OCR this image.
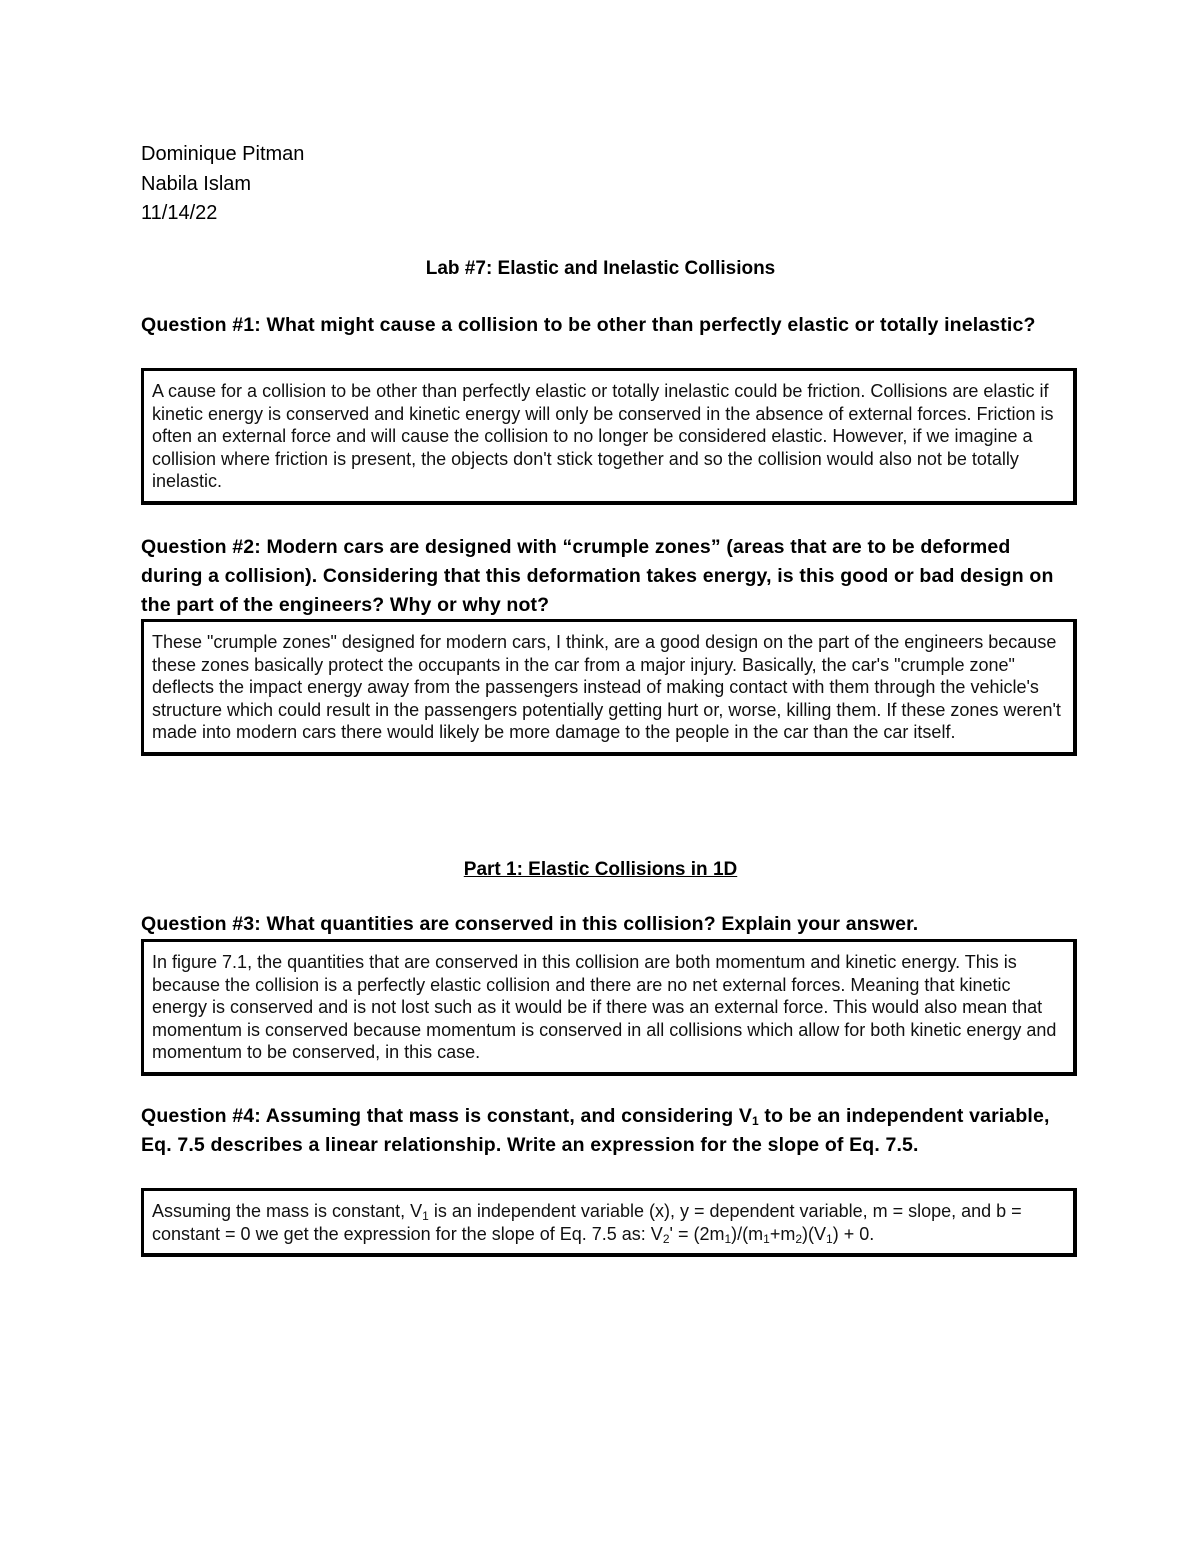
Dominique Pitman
Nabila Islam
11/14/22
Lab #7: Elastic and Inelastic Collisions
Question #1: What might cause a collision to be other than perfectly elastic or totally inelastic?
A cause for a collision to be other than perfectly elastic or totally inelastic could be friction. Collisions are elastic if kinetic energy is conserved and kinetic energy will only be conserved in the absence of external forces. Friction is often an external force and will cause the collision to no longer be considered elastic. However, if we imagine a collision where friction is present, the objects don't stick together and so the collision would also not be totally inelastic.
Question #2: Modern cars are designed with “crumple zones” (areas that are to be deformed during a collision). Considering that this deformation takes energy, is this good or bad design on the part of the engineers? Why or why not?
These "crumple zones" designed for modern cars, I think, are a good design on the part of the engineers because these zones basically protect the occupants in the car from a major injury. Basically, the car's "crumple zone" deflects the impact energy away from the passengers instead of making contact with them through the vehicle's structure which could result in the passengers potentially getting hurt or, worse, killing them. If these zones weren't made into modern cars there would likely be more damage to the people in the car than the car itself.
Part 1: Elastic Collisions in 1D
Question #3: What quantities are conserved in this collision? Explain your answer.
In figure 7.1, the quantities that are conserved in this collision are both momentum and kinetic energy. This is because the collision is a perfectly elastic collision and there are no net external forces. Meaning that kinetic energy is conserved and is not lost such as it would be if there was an external force. This would also mean that momentum is conserved because momentum is conserved in all collisions which allow for both kinetic energy and momentum to be conserved, in this case.
Question #4: Assuming that mass is constant, and considering $V_1$ to be an independent variable, Eq. 7.5 describes a linear relationship. Write an expression for the slope of Eq. 7.5.
Assuming the mass is constant, $V_1$ is an independent variable (x), y = dependent variable, m = slope, and b = constant = 0 we get the expression for the slope of Eq. 7.5 as: $V_2' = (2m_1)/(m_1+m_2)(V_1) + 0$.
